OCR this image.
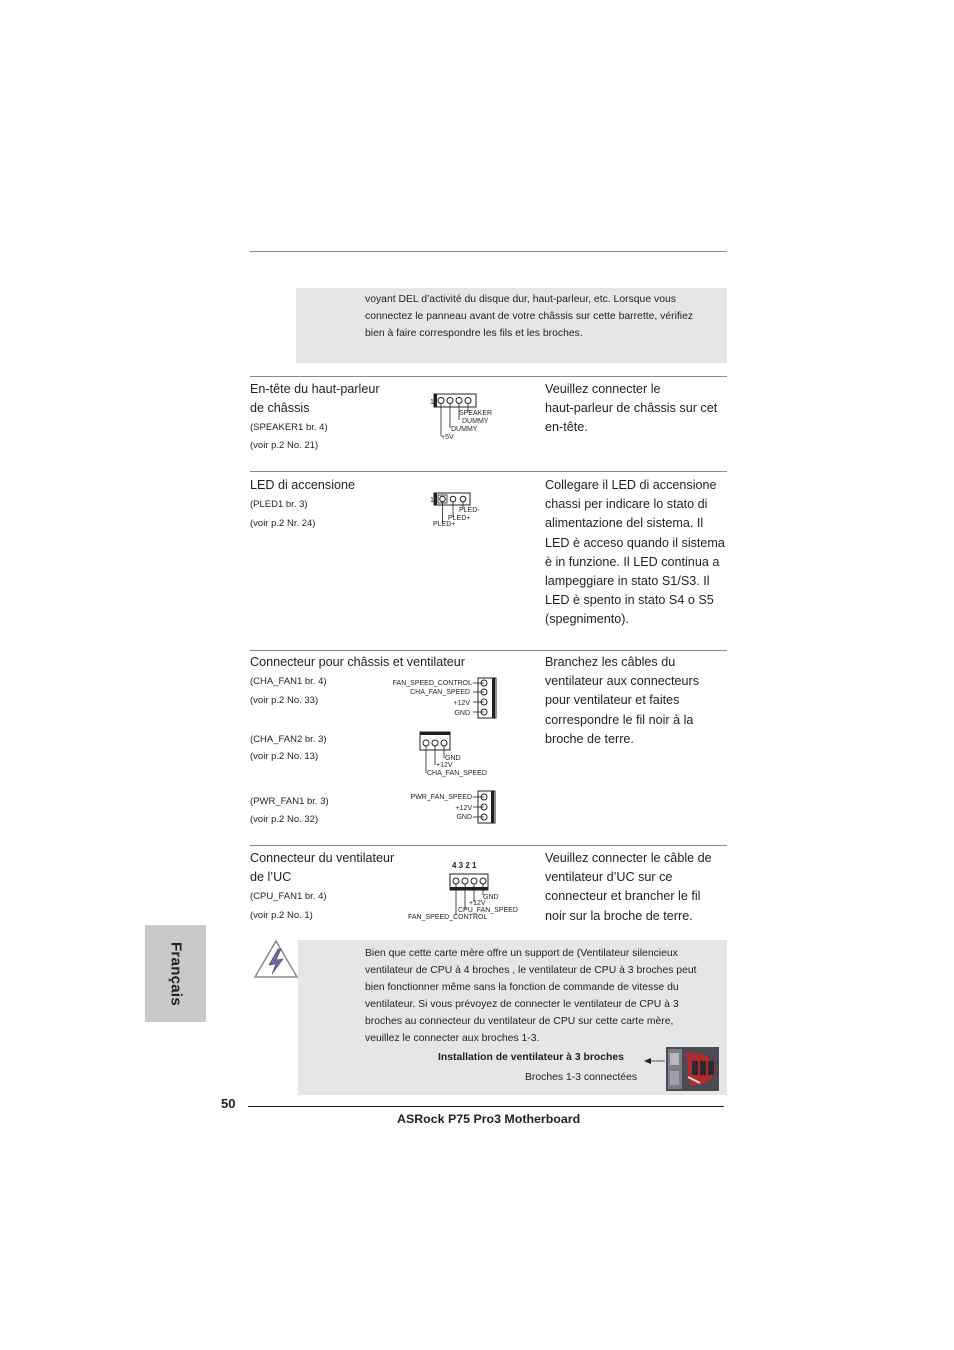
voyant DEL d’activité du disque dur, haut-parleur, etc. Lorsque vous
connectez le panneau avant de votre châssis sur cette barrette, vérifiez
bien à faire correspondre les fils et les broches.
En-tête du haut-parleur
de châssis
(SPEAKER1 br. 4)
(voir p.2 No. 21)
1
SPEAKER
DUMMY
DUMMY
+5V
Veuillez connecter le
haut-parleur de châssis sur cet
en-tête.
LED di accensione
(PLED1 br. 3)
(voir p.2 Nr. 24)
1
PLED-
PLED+
PLED+
Collegare il LED di accensione
chassi per indicare lo stato di
alimentazione del sistema. Il
LED è acceso quando il sistema
è in funzione. Il LED continua a
lampeggiare in stato S1/S3. Il
LED è spento in stato S4 o S5
(spegnimento).
Connecteur pour châssis et ventilateur
(CHA_FAN1 br. 4)
(voir p.2 No. 33)
FAN_SPEED_CONTROL
CHA_FAN_SPEED
+12V
GND
(CHA_FAN2 br. 3)
(voir p.2 No. 13)	GND
+12V
CHA_FAN_SPEED
(PWR_FAN1 br. 3)
(voir p.2 No. 32)
PWR_FAN_SPEED
+12V
GND
Branchez les câbles du
ventilateur aux connecteurs
pour ventilateur et faites
correspondre le fil noir à la
broche de terre.
Connecteur du ventilateur
de l’UC
(CPU_FAN1 br. 4)
(voir p.2 No. 1)
4 3 2 1
GND
+12V
CPU_FAN_SPEED
FAN_SPEED_CONTROL
Veuillez connecter le câble de
ventilateur d’UC sur ce
connecteur et brancher le fil
noir sur la broche de terre.
Bien que cette carte mère offre un support de (Ventilateur silencieux
ventilateur de CPU à 4 broches , le ventilateur de CPU à 3 broches peut
bien fonctionner même sans la fonction de commande de vitesse du
ventilateur. Si vous prévoyez de connecter le ventilateur de CPU à 3
broches au connecteur du ventilateur de CPU sur cette carte mère,
veuillez le connecter aux broches 1-3.
Installation de ventilateur à 3 broches
Broches 1-3 connectées
Français
50
ASRock P75 Pro3 Motherboard
